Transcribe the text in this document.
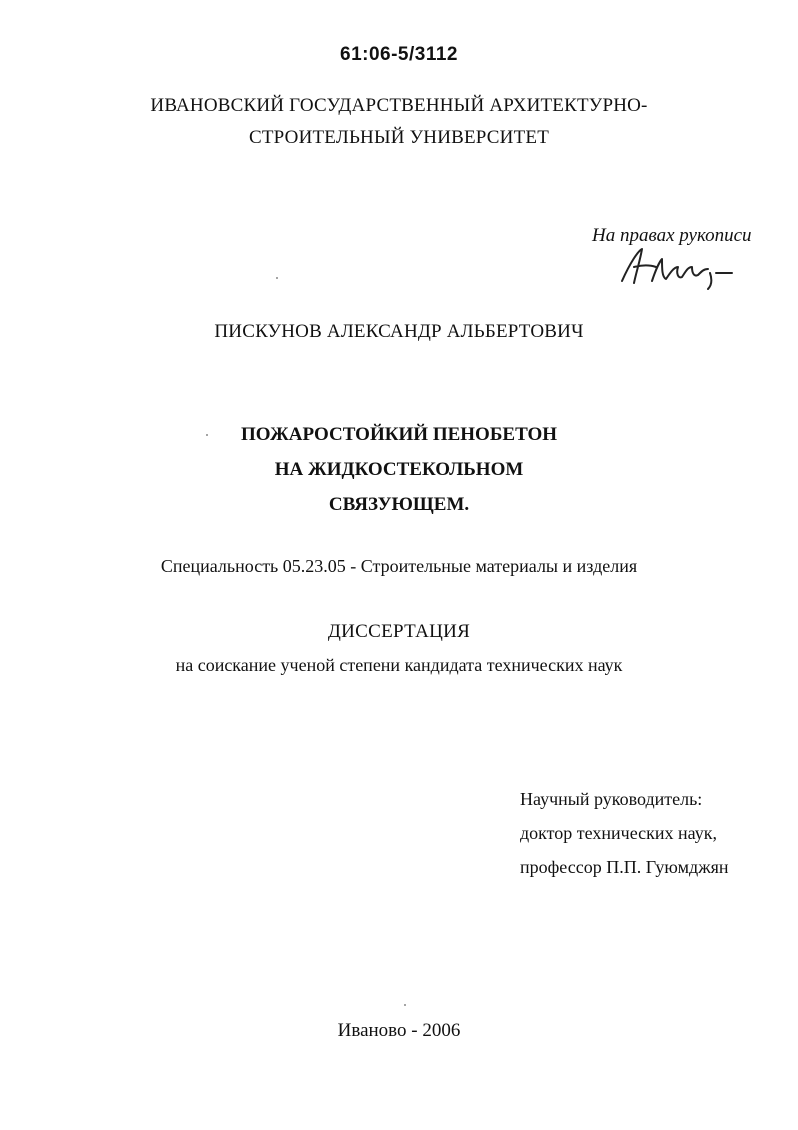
61:06-5/3112
ИВАНОВСКИЙ ГОСУДАРСТВЕННЫЙ АРХИТЕКТУРНО-
СТРОИТЕЛЬНЫЙ УНИВЕРСИТЕТ
На правах рукописи
ПИСКУНОВ АЛЕКСАНДР АЛЬБЕРТОВИЧ
ПОЖАРОСТОЙКИЙ ПЕНОБЕТОН
НА ЖИДКОСТЕКОЛЬНОМ
СВЯЗУЮЩЕМ.
Специальность 05.23.05 - Строительные материалы и изделия
ДИССЕРТАЦИЯ
на соискание ученой степени кандидата технических наук
Научный руководитель:
доктор технических наук,
профессор П.П. Гуюмджян
Иваново - 2006
